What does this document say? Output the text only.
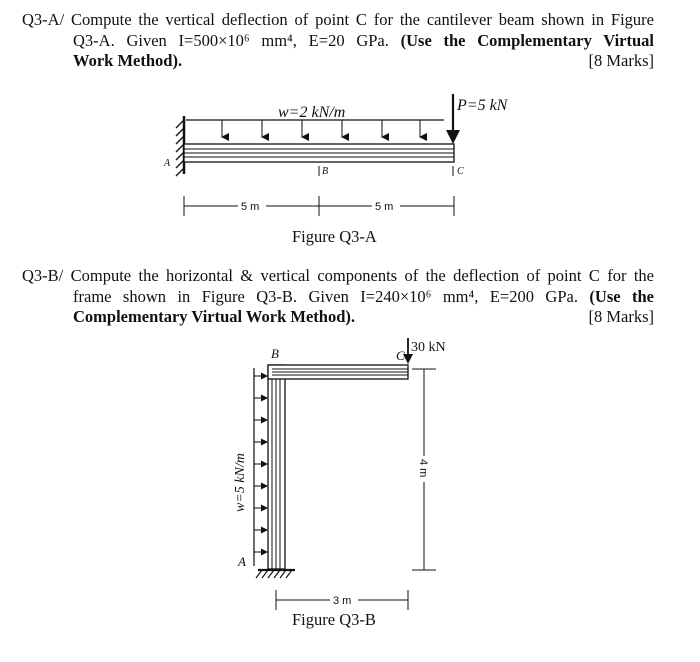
Q3-A/ Compute the vertical deflection of point C for the cantilever beam shown in Figure

Q3-A. Given I=500×10⁶ mm⁴, E=20 GPa. (Use the Complementary Virtual

Work Method).	[8 Marks]

w=2 kN/m	P=5 kN
A
B	C
5 m	5 m
Figure Q3-A

Q3-B/ Compute the horizontal & vertical components of the deflection of point C for the

frame shown in Figure Q3-B. Given I=240×10⁶ mm⁴, E=200 GPa. (Use the

Complementary Virtual Work Method).	[8 Marks]

w=5 kN/m
B
A
C
30 kN
4 m
3 m
Figure Q3-B
